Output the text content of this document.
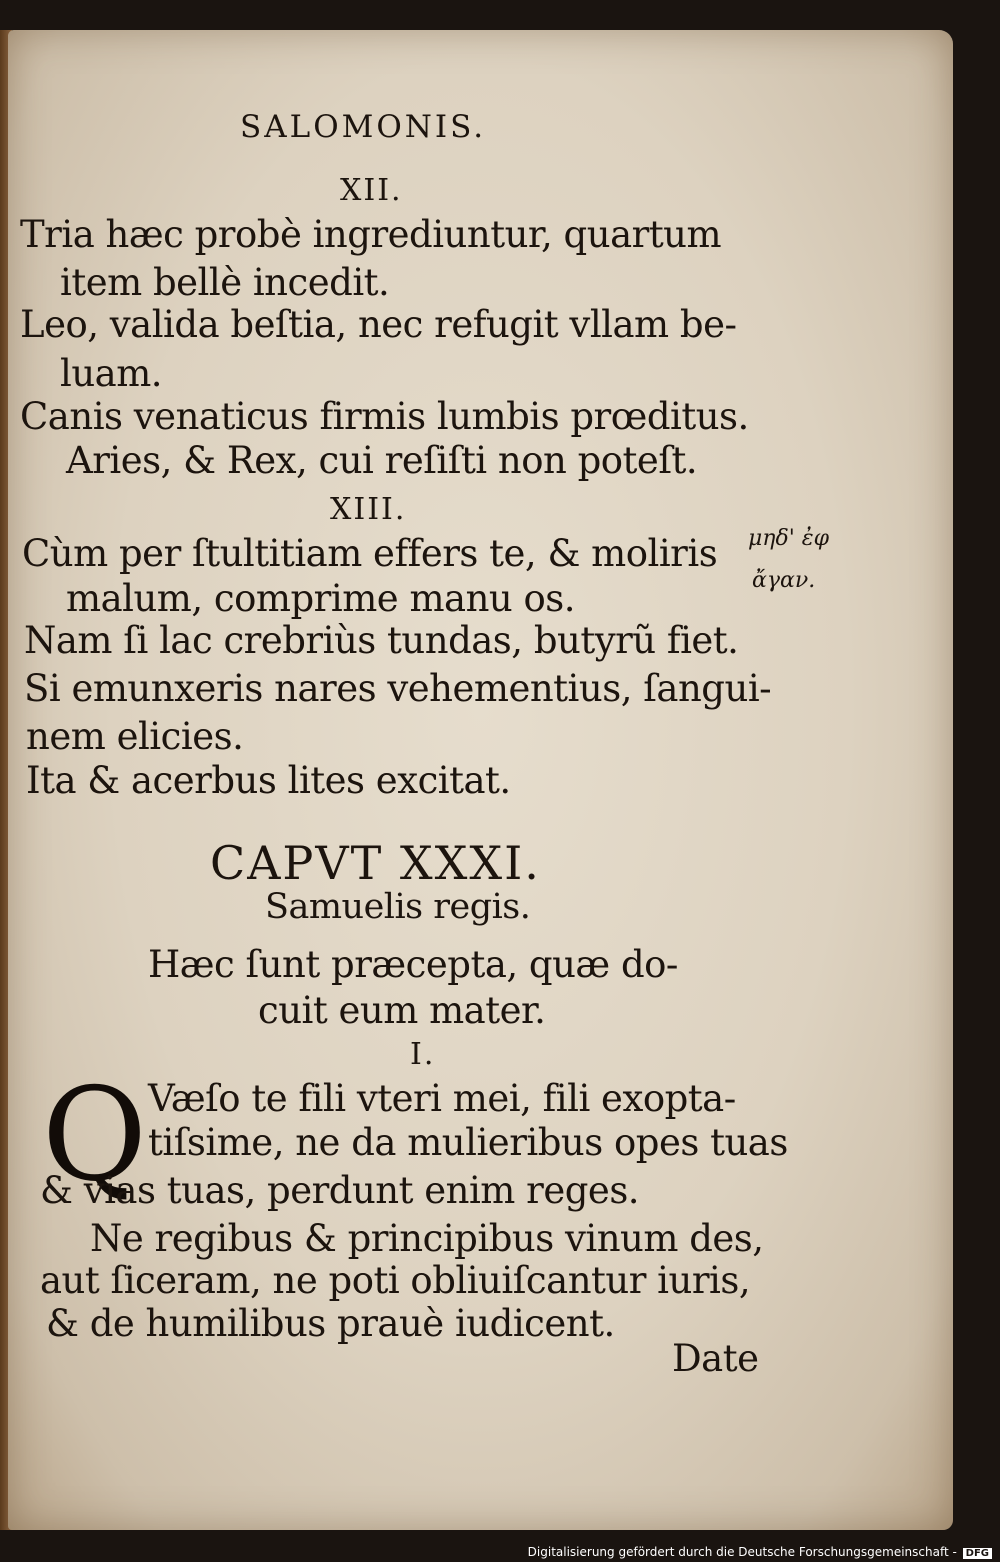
SALOMONIS.
XII.
Tria hæc probè ingrediuntur, quartum
item bellè incedit.
Leo, valida beſtia, nec refugit vllam be-
luam.
Canis venaticus firmis lumbis prœditus.
Aries, & Rex, cui reſiſti non poteſt.
XIII.
Cùm per ſtultitiam effers te, & moliris
malum, comprime manu os.
Nam ſi lac crebriùs tundas, butyrũ fiet.
Si emunxeris nares vehementius, ſangui-
nem elicies.
Ita & acerbus lites excitat.
μηδ' ἐφ
ἄγαν.
CAPVT XXXI.
Samuelis regis.
Hæc ſunt præcepta, quæ do-
cuit eum mater.
I.
Q Væſo te fili vteri mei, fili exopta-
tiſsime, ne da mulieribus opes tuas
& vias tuas, perdunt enim reges.
Ne regibus & principibus vinum des,
aut ſiceram, ne poti obliuiſcantur iuris,
& de humilibus prauè iudicent.
Date
Digitalisierung gefördert durch die Deutsche Forschungsgemeinschaft - DFG
